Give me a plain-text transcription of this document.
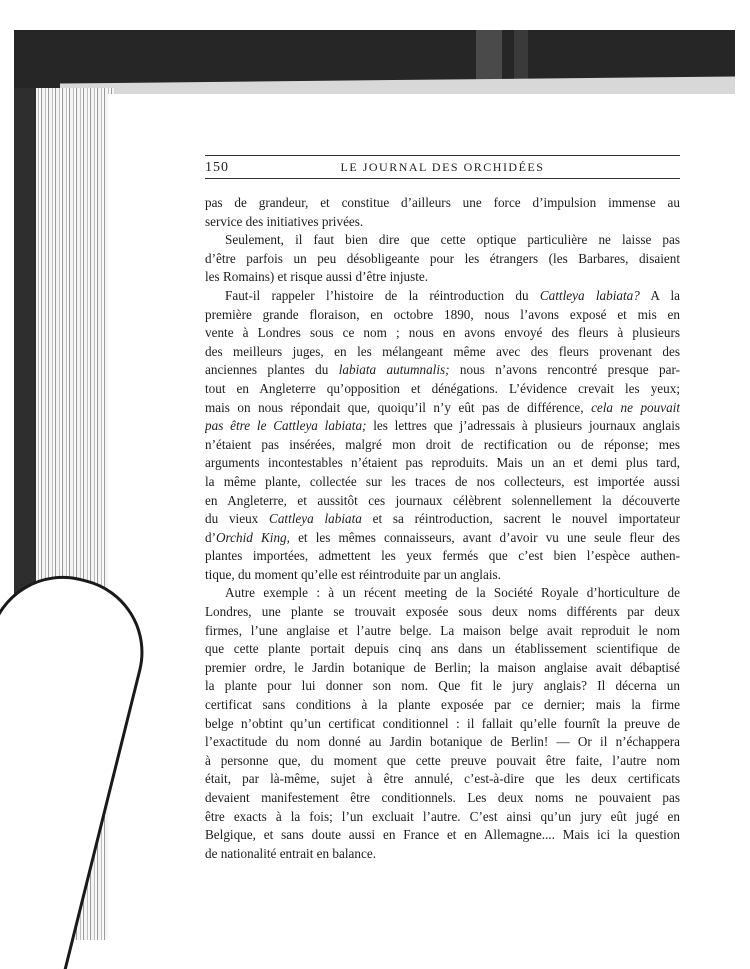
150	LE JOURNAL DES ORCHIDÉES
pas de grandeur, et constitue d’ailleurs une force d’impulsion immense au
service des initiatives privées.
Seulement, il faut bien dire que cette optique particulière ne laisse pas
d’être parfois un peu désobligeante pour les étrangers (les Barbares, disaient
les Romains) et risque aussi d’être injuste.
Faut-il rappeler l’histoire de la réintroduction du Cattleya labiata? A la
première grande floraison, en octobre 1890, nous l’avons exposé et mis en
vente à Londres sous ce nom ; nous en avons envoyé des fleurs à plusieurs
des meilleurs juges, en les mélangeant même avec des fleurs provenant des
anciennes plantes du labiata autumnalis; nous n’avons rencontré presque par-
tout en Angleterre qu’opposition et dénégations. L’évidence crevait les yeux;
mais on nous répondait que, quoiqu’il n’y eût pas de différence, cela ne pouvait
pas être le Cattleya labiata; les lettres que j’adressais à plusieurs journaux anglais
n’étaient pas insérées, malgré mon droit de rectification ou de réponse; mes
arguments incontestables n’étaient pas reproduits. Mais un an et demi plus tard,
la même plante, collectée sur les traces de nos collecteurs, est importée aussi
en Angleterre, et aussitôt ces journaux célèbrent solennellement la découverte
du vieux Cattleya labiata et sa réintroduction, sacrent le nouvel importateur
d’Orchid King, et les mêmes connaisseurs, avant d’avoir vu une seule fleur des
plantes importées, admettent les yeux fermés que c’est bien l’espèce authen-
tique, du moment qu’elle est réintroduite par un anglais.
Autre exemple : à un récent meeting de la Société Royale d’horticulture de
Londres, une plante se trouvait exposée sous deux noms différents par deux
firmes, l’une anglaise et l’autre belge. La maison belge avait reproduit le nom
que cette plante portait depuis cinq ans dans un établissement scientifique de
premier ordre, le Jardin botanique de Berlin; la maison anglaise avait débaptisé
la plante pour lui donner son nom. Que fit le jury anglais? Il décerna un
certificat sans conditions à la plante exposée par ce dernier; mais la firme
belge n’obtint qu’un certificat conditionnel : il fallait qu’elle fournît la preuve de
l’exactitude du nom donné au Jardin botanique de Berlin! — Or il n’échappera
à personne que, du moment que cette preuve pouvait être faite, l’autre nom
était, par là-même, sujet à être annulé, c’est-à-dire que les deux certificats
devaient manifestement être conditionnels. Les deux noms ne pouvaient pas
être exacts à la fois; l’un excluait l’autre. C’est ainsi qu’un jury eût jugé en
Belgique, et sans doute aussi en France et en Allemagne.... Mais ici la question
de nationalité entrait en balance.
